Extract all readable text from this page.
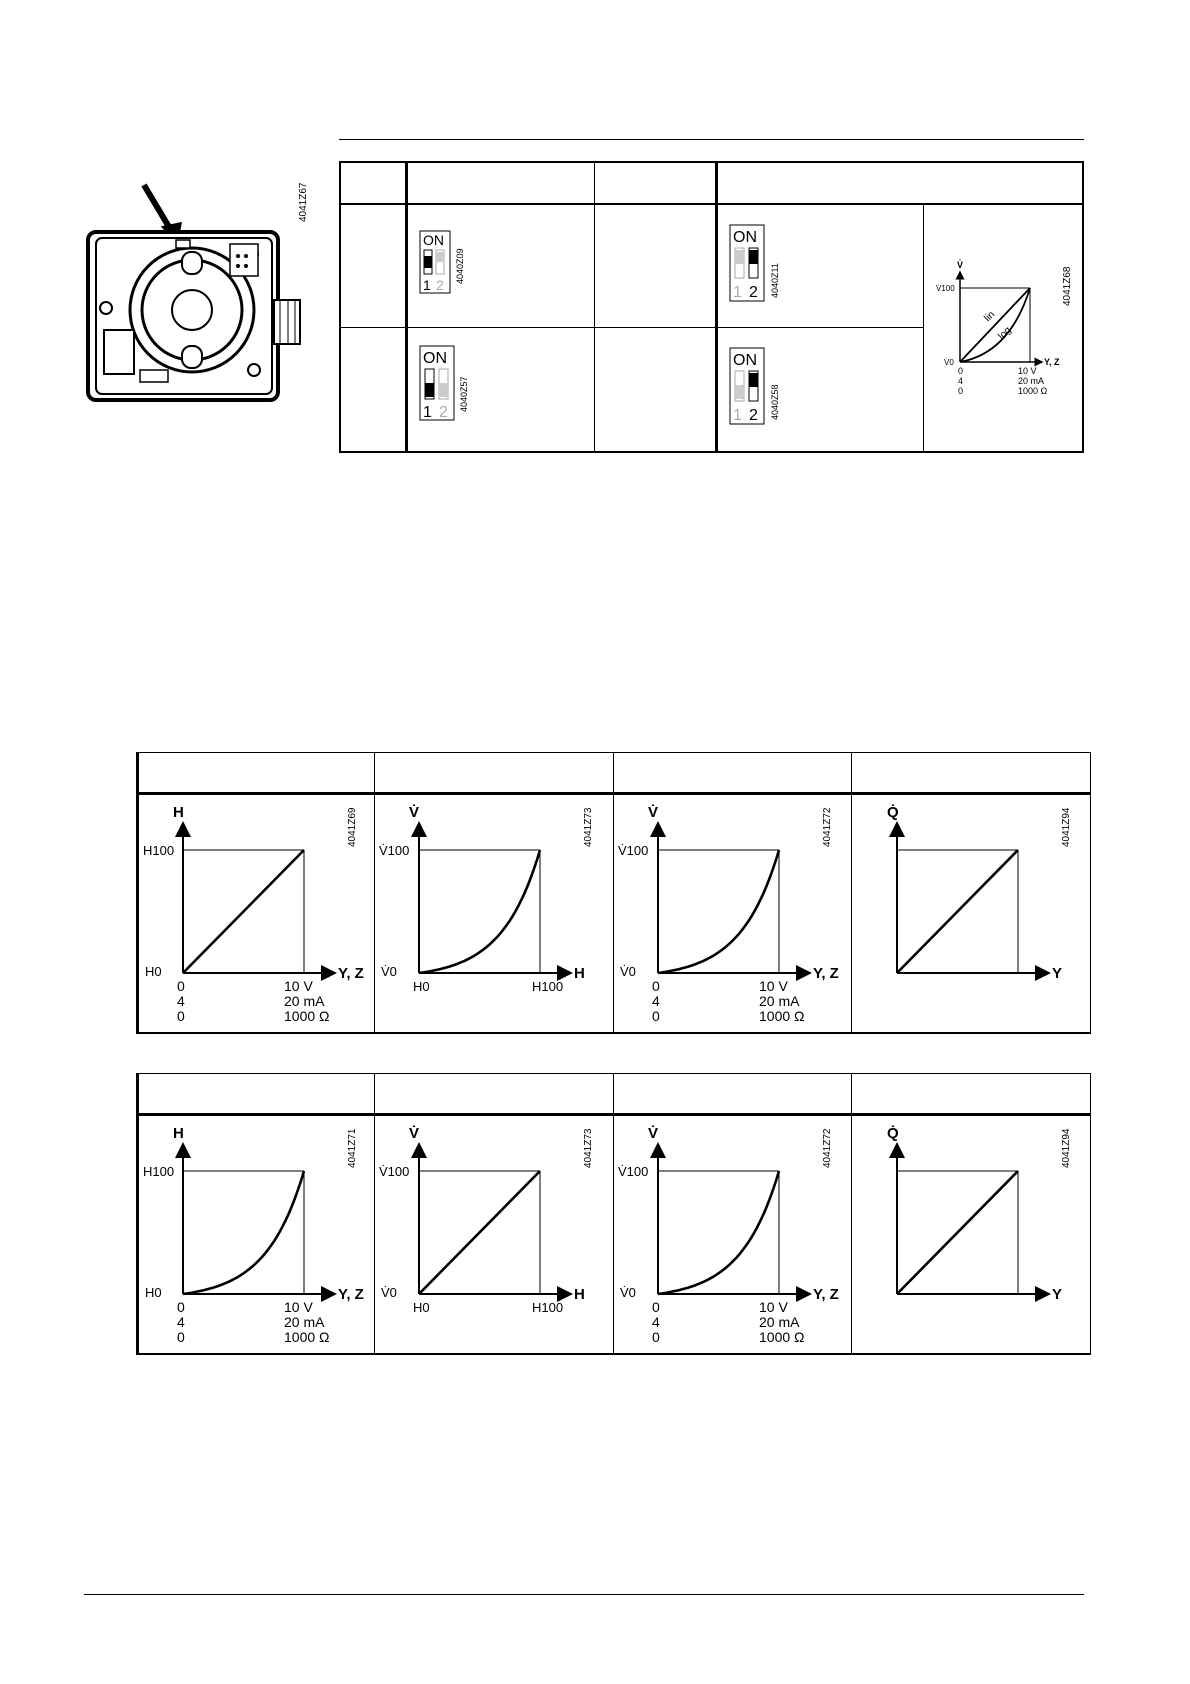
4041Z67
ON
1 2
4040Z09
ON
1 2
4040Z57
ON
1 2 4040Z11
ON
1 2 4040Z58
V̇
V̇100
V̇0	Y, Z
lin
log
0
4
0
10 V
20 mA
1000 Ω
4041Z68
H
H100
H0	Y, Z
0	10 V
4	20 mA
0	1000 Ω
4041Z69	V̇
V̇100
V̇0	H
H0	H100
4041Z73	V̇
V̇100
V̇0	Y, Z
0	10 V
4	20 mA
0	1000 Ω
4041Z72	Q̇
Y
4041Z94
H
H100
H0	Y, Z
0	10 V
4	20 mA
0	1000 Ω
4041Z71	V̇
V̇100
V̇0	H
H0	H100
4041Z73	V̇
V̇100
V̇0	Y, Z
0	10 V
4	20 mA
0	1000 Ω
4041Z72	Q̇
Y
4041Z94
